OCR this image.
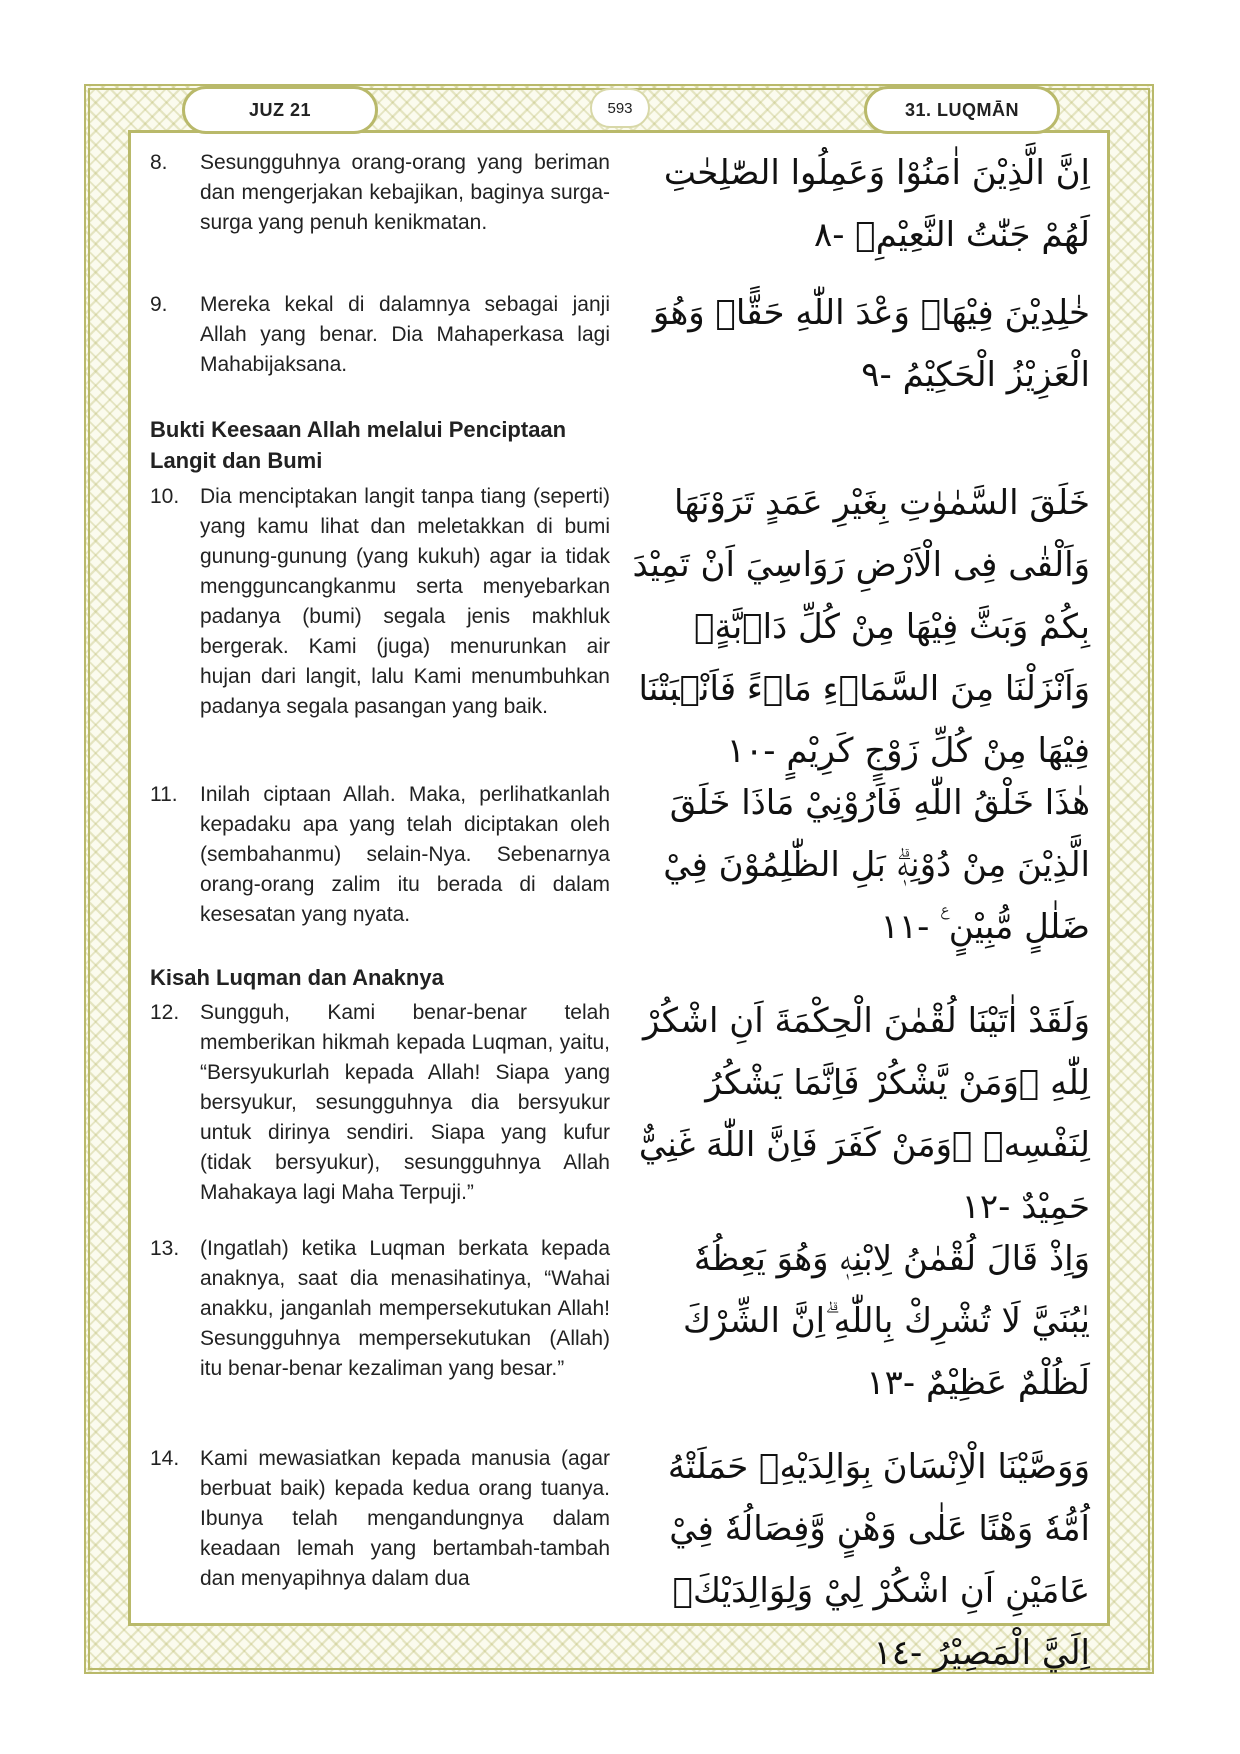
JUZ 21	593	31. LUQMĀN
8.	Sesungguhnya orang-orang yang beriman dan mengerjakan kebajikan, baginya surga-surga yang penuh kenikmatan.
اِنَّ الَّذِيْنَ اٰمَنُوْا وَعَمِلُوا الصّٰلِحٰتِ لَهُمْ جَنّٰتُ النَّعِيْمِۙ -٨
9.	Mereka kekal di dalamnya sebagai janji Allah yang benar. Dia Mahaperkasa lagi Mahabijaksana.
خٰلِدِيْنَ فِيْهَاۗ وَعْدَ اللّٰهِ حَقًّاۗ وَهُوَ الْعَزِيْزُ الْحَكِيْمُ -٩
Bukti Keesaan Allah melalui Penciptaan Langit dan Bumi
10. Dia menciptakan langit tanpa tiang (seperti) yang kamu lihat dan meletakkan di bumi gunung-gunung (yang kukuh) agar ia tidak mengguncangkanmu serta menyebarkan padanya (bumi) segala jenis makhluk bergerak. Kami (juga) menurunkan air hujan dari langit, lalu Kami menumbuhkan padanya segala pasangan yang baik.
خَلَقَ السَّمٰوٰتِ بِغَيْرِ عَمَدٍ تَرَوْنَهَا وَاَلْقٰى فِى الْاَرْضِ رَوَاسِيَ اَنْ تَمِيْدَ بِكُمْ وَبَثَّ فِيْهَا مِنْ كُلِّ دَاۤبَّةٍۗ وَاَنْزَلْنَا مِنَ السَّمَاۤءِ مَاۤءً فَاَنْۢبَتْنَا فِيْهَا مِنْ كُلِّ زَوْجٍ كَرِيْمٍ -١٠
11.	Inilah ciptaan Allah. Maka, perlihatkanlah kepadaku apa yang telah diciptakan oleh (sembahanmu) selain-Nya. Sebenarnya orang-orang zalim itu berada di dalam kesesatan yang nyata.
هٰذَا خَلْقُ اللّٰهِ فَاَرُوْنِيْ مَاذَا خَلَقَ الَّذِيْنَ مِنْ دُوْنِهٖۗ بَلِ الظّٰلِمُوْنَ فِيْ ضَلٰلٍ مُّبِيْنٍ ࣖ -١١
Kisah Luqman dan Anaknya
12. Sungguh, Kami benar-benar telah memberikan hikmah kepada Luqman, yaitu, “Bersyukurlah kepada Allah! Siapa yang bersyukur, sesungguhnya dia bersyukur untuk dirinya sendiri. Siapa yang kufur (tidak bersyukur), sesungguhnya Allah Mahakaya lagi Maha Terpuji.”
وَلَقَدْ اٰتَيْنَا لُقْمٰنَ الْحِكْمَةَ اَنِ اشْكُرْ لِلّٰهِ ۗوَمَنْ يَّشْكُرْ فَاِنَّمَا يَشْكُرُ لِنَفْسِهٖ ۚوَمَنْ كَفَرَ فَاِنَّ اللّٰهَ غَنِيٌّ حَمِيْدٌ -١٢
13. (Ingatlah) ketika Luqman berkata kepada anaknya, saat dia menasihatinya, “Wahai anakku, janganlah mempersekutukan Allah! Sesungguhnya mempersekutukan (Allah) itu benar-benar kezaliman yang besar.”
وَاِذْ قَالَ لُقْمٰنُ لِابْنِهٖ وَهُوَ يَعِظُهٗ يٰبُنَيَّ لَا تُشْرِكْ بِاللّٰهِ ۗاِنَّ الشِّرْكَ لَظُلْمٌ عَظِيْمٌ -١٣
14. Kami mewasiatkan kepada manusia (agar berbuat baik) kepada kedua orang tuanya. Ibunya telah mengandungnya dalam keadaan lemah yang bertambah-tambah dan menyapihnya dalam dua
وَوَصَّيْنَا الْاِنْسَانَ بِوَالِدَيْهِۚ حَمَلَتْهُ اُمُّهٗ وَهْنًا عَلٰى وَهْنٍ وَّفِصَالُهٗ فِيْ عَامَيْنِ اَنِ اشْكُرْ لِيْ وَلِوَالِدَيْكَۗ اِلَيَّ الْمَصِيْرُ -١٤
